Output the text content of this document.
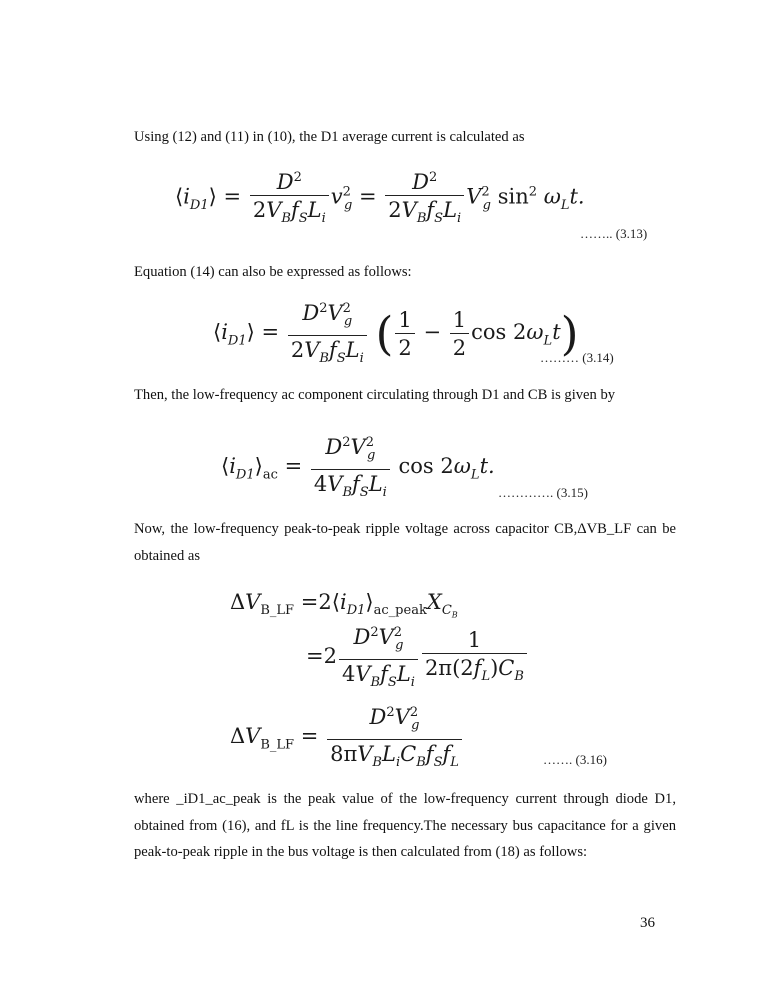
Using (12) and (11) in (10), the D1 average current is calculated as
$⟨i_{D1}⟩ = \frac{D^2}{2V_Bf_SL_i} v^2_g = \frac{D^2}{2V_Bf_SL_i} V^2_g$ $\sin^2 \omega_Lt$.
…….. (3.13)
Equation (14) can also be expressed as follows:
$⟨i_{D1}⟩ = \frac{D^2V^2_g}{2V_Bf_SL_i}$ ( $\frac{1}{2} - \frac{1}{2}$ $\cos 2\omega_Lt$)
……… (3.14)
Then, the low-frequency ac component circulating through D1 and CB is given by
$⟨i_{D1}⟩_{ac} = \frac{D^2V^2_g}{4V_Bf_SL_i}$ $\cos 2\omega_Lt$.
…………. (3.15)
Now, the low-frequency peak-to-peak ripple voltage across capacitor CB,ΔVB_LF can be
obtained as
$\Delta V_{B\_LF}$ $=2⟨i_{D1}⟩_{ac\_peak}X_{C_B}$
$=2 \frac{D^2V^2_g}{4V_Bf_SL_i} \frac{1}{2\pi(2f_L)C_B}$
$\Delta V_{B\_LF} = \frac{D^2V^2_g}{8\pi V_BL_iC_Bf_Sf_L}$	……. (3.16)
where _iD1_ac_peak is the peak value of the low-frequency current through diode D1,
obtained from (16), and fL is the line frequency.The necessary bus capacitance for a given
peak-to-peak ripple in the bus voltage is then calculated from (18) as follows:
36
